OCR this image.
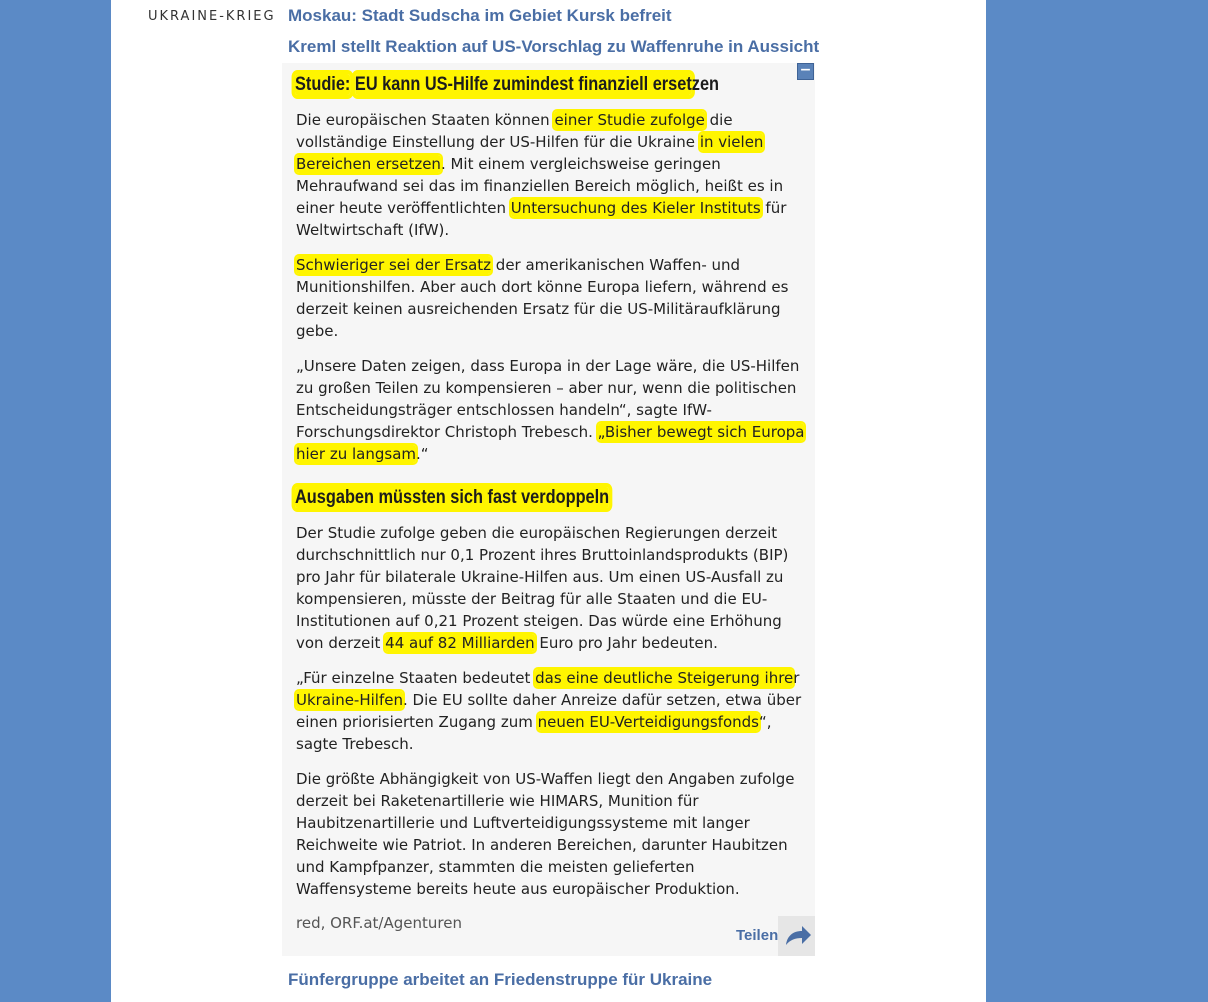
UKRAINE-KRIEG Moskau: Stadt Sudscha im Gebiet Kursk befreit
Kreml stellt Reaktion auf US-Vorschlag zu Waffenruhe in Aussicht
−
Studie: EU kann US-Hilfe zumindest finanziell ersetzen

Die europäischen Staaten können einer Studie zufolge die vollständige Einstellung der US-Hilfen für die Ukraine in vielen Bereichen ersetzen. Mit einem vergleichsweise geringen Mehraufwand sei das im finanziellen Bereich möglich, heißt es in einer heute veröffentlichten Untersuchung des Kieler Instituts für Weltwirtschaft (IfW).

Schwieriger sei der Ersatz der amerikanischen Waffen- und Munitionshilfen. Aber auch dort könne Europa liefern, während es derzeit keinen ausreichenden Ersatz für die US-Militäraufklärung gebe.

„Unsere Daten zeigen, dass Europa in der Lage wäre, die US-Hilfen zu großen Teilen zu kompensieren – aber nur, wenn die politischen Entscheidungsträger entschlossen handeln“, sagte IfW-Forschungsdirektor Christoph Trebesch. „Bisher bewegt sich Europa hier zu langsam.“

Ausgaben müssten sich fast verdoppeln

Der Studie zufolge geben die europäischen Regierungen derzeit durchschnittlich nur 0,1 Prozent ihres Bruttoinlandsprodukts (BIP) pro Jahr für bilaterale Ukraine-Hilfen aus. Um einen US-Ausfall zu kompensieren, müsste der Beitrag für alle Staaten und die EU-Institutionen auf 0,21 Prozent steigen. Das würde eine Erhöhung von derzeit 44 auf 82 Milliarden Euro pro Jahr bedeuten.

„Für einzelne Staaten bedeutet das eine deutliche Steigerung ihrer Ukraine-Hilfen. Die EU sollte daher Anreize dafür setzen, etwa über einen priorisierten Zugang zum neuen EU-Verteidigungsfonds“, sagte Trebesch.

Die größte Abhängigkeit von US-Waffen liegt den Angaben zufolge derzeit bei Raketenartillerie wie HIMARS, Munition für Haubitzenartillerie und Luftverteidigungssysteme mit langer Reichweite wie Patriot. In anderen Bereichen, darunter Haubitzen und Kampfpanzer, stammten die meisten gelieferten Waffensysteme bereits heute aus europäischer Produktion.

red, ORF.at/Agenturen
Teilen
Fünfergruppe arbeitet an Friedenstruppe für Ukraine
